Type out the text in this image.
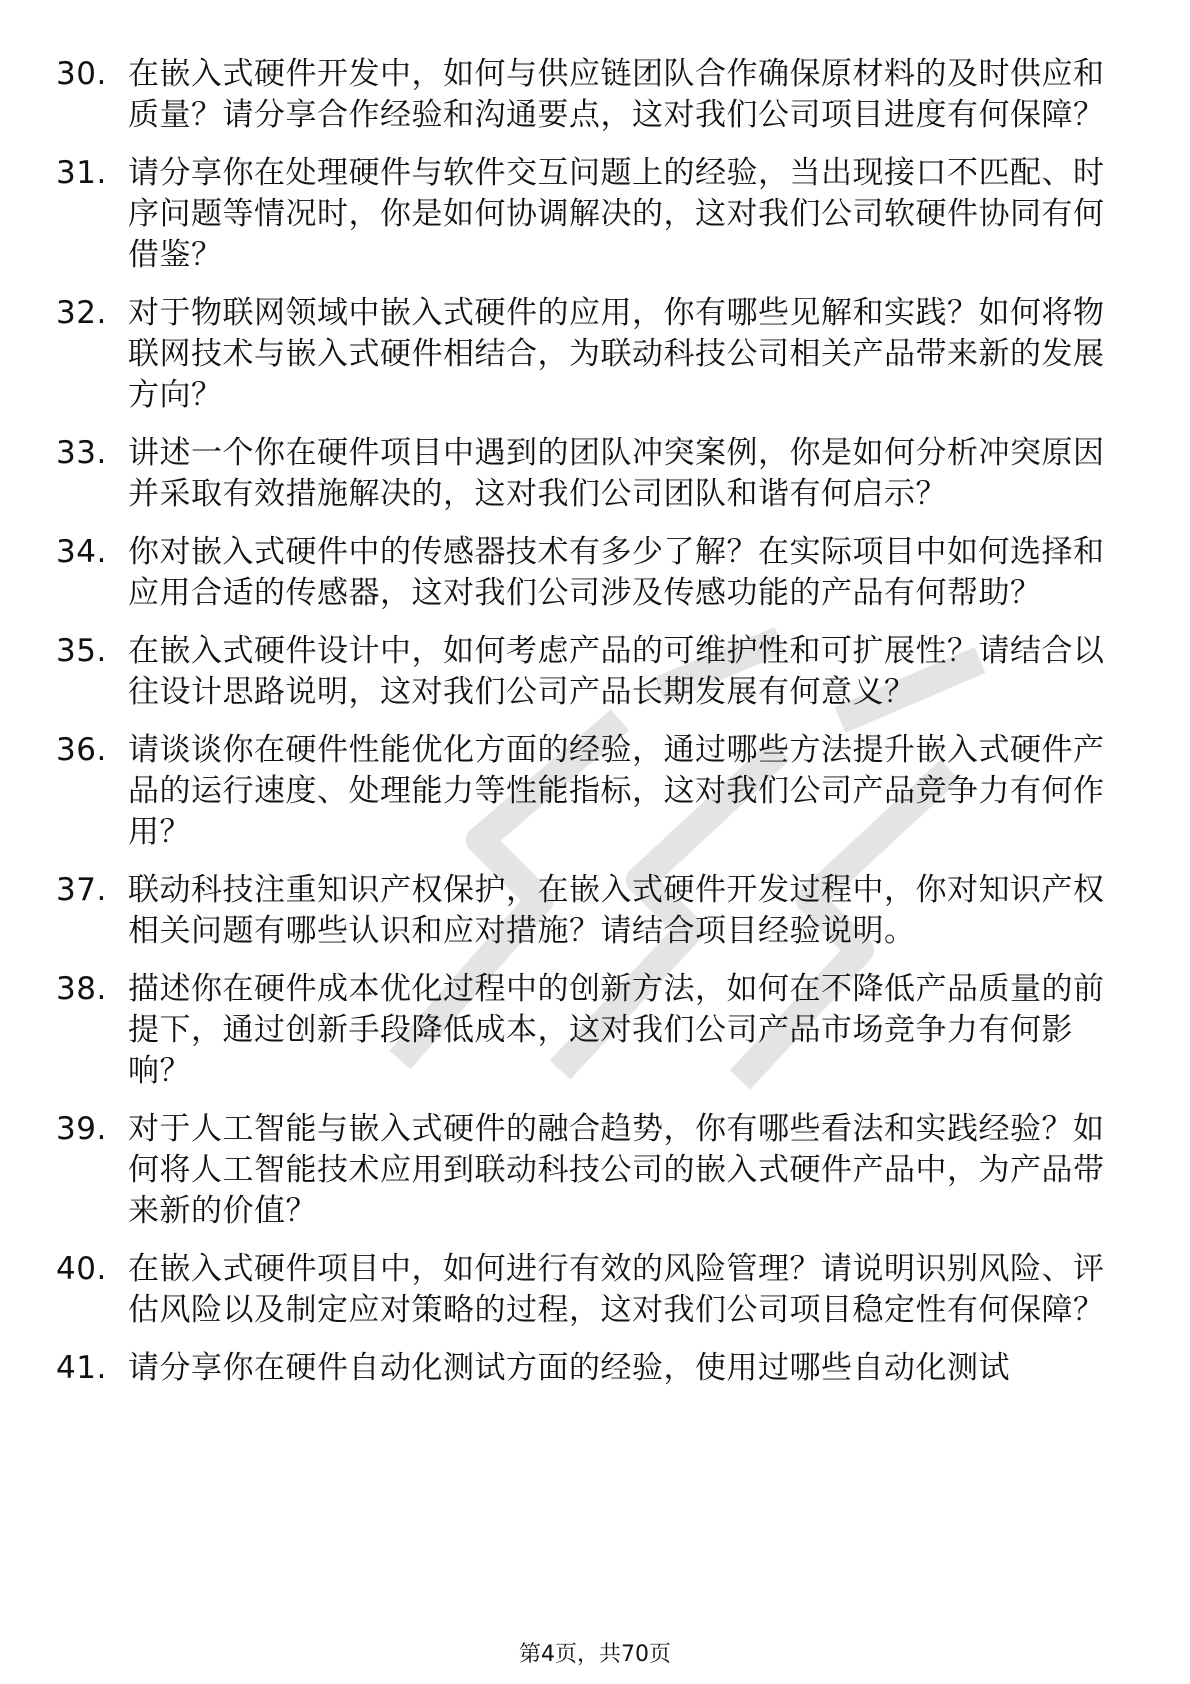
30. 在嵌入式硬件开发中，如何与供应链团队合作确保原材料的及时供应和质量？请分享合作经验和沟通要点，这对我们公司项目进度有何保障？
31. 请分享你在处理硬件与软件交互问题上的经验，当出现接口不匹配、时序问题等情况时，你是如何协调解决的，这对我们公司软硬件协同有何借鉴？
32. 对于物联网领域中嵌入式硬件的应用，你有哪些见解和实践？如何将物联网技术与嵌入式硬件相结合，为联动科技公司相关产品带来新的发展方向？
33. 讲述一个你在硬件项目中遇到的团队冲突案例，你是如何分析冲突原因并采取有效措施解决的，这对我们公司团队和谐有何启示？
34. 你对嵌入式硬件中的传感器技术有多少了解？在实际项目中如何选择和应用合适的传感器，这对我们公司涉及传感功能的产品有何帮助？
35. 在嵌入式硬件设计中，如何考虑产品的可维护性和可扩展性？请结合以往设计思路说明，这对我们公司产品长期发展有何意义？
36. 请谈谈你在硬件性能优化方面的经验，通过哪些方法提升嵌入式硬件产品的运行速度、处理能力等性能指标，这对我们公司产品竞争力有何作用？
37. 联动科技注重知识产权保护，在嵌入式硬件开发过程中，你对知识产权相关问题有哪些认识和应对措施？请结合项目经验说明。
38. 描述你在硬件成本优化过程中的创新方法，如何在不降低产品质量的前提下，通过创新手段降低成本，这对我们公司产品市场竞争力有何影响？
39. 对于人工智能与嵌入式硬件的融合趋势，你有哪些看法和实践经验？如何将人工智能技术应用到联动科技公司的嵌入式硬件产品中，为产品带来新的价值？
40. 在嵌入式硬件项目中，如何进行有效的风险管理？请说明识别风险、评估风险以及制定应对策略的过程，这对我们公司项目稳定性有何保障？
41. 请分享你在硬件自动化测试方面的经验，使用过哪些自动化测试
第4页，共70页
